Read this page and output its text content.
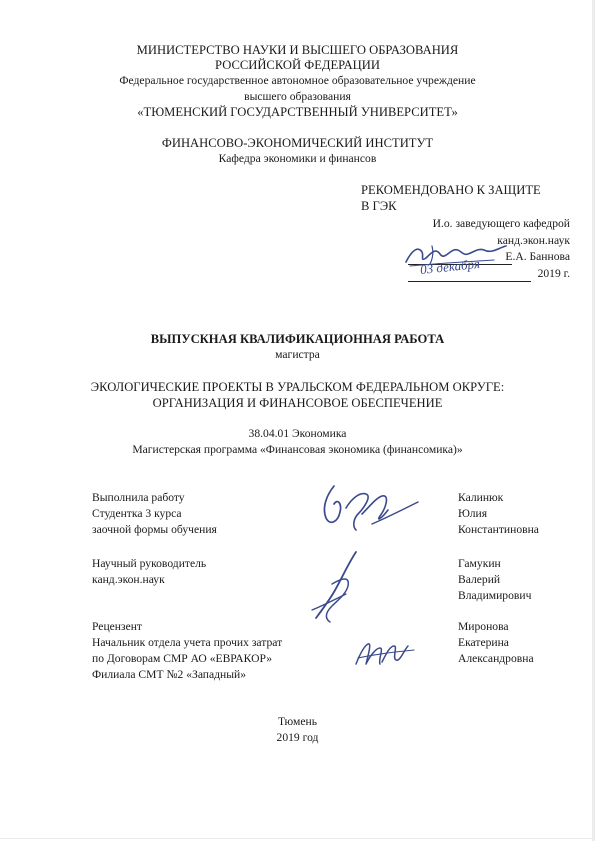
МИНИСТЕРСТВО НАУКИ И ВЫСШЕГО ОБРАЗОВАНИЯ
РОССИЙСКОЙ ФЕДЕРАЦИИ
Федеральное государственное автономное образовательное учреждение
высшего образования
«ТЮМЕНСКИЙ ГОСУДАРСТВЕННЫЙ УНИВЕРСИТЕТ»
ФИНАНСОВО-ЭКОНОМИЧЕСКИЙ ИНСТИТУТ
Кафедра экономики и финансов
РЕКОМЕНДОВАНО К ЗАЩИТЕ
В ГЭК
И.о. заведующего кафедрой
канд.экон.наук
Е.А. Баннова
2019 г.
03 декабря
ВЫПУСКНАЯ КВАЛИФИКАЦИОННАЯ РАБОТА
магистра
ЭКОЛОГИЧЕСКИЕ ПРОЕКТЫ В УРАЛЬСКОМ ФЕДЕРАЛЬНОМ ОКРУГЕ:
ОРГАНИЗАЦИЯ И ФИНАНСОВОЕ ОБЕСПЕЧЕНИЕ
38.04.01 Экономика
Магистерская программа «Финансовая экономика (финансомика)»
Выполнила работу
Студентка 3 курса
заочной формы обучения
Калинюк
Юлия
Константиновна
Научный руководитель
канд.экон.наук
Гамукин
Валерий
Владимирович
Рецензент
Начальник отдела учета прочих затрат
по Договорам СМР АО «ЕВРАКОР»
Филиала СМТ №2 «Западный»
Миронова
Екатерина
Александровна
Тюмень
2019 год
